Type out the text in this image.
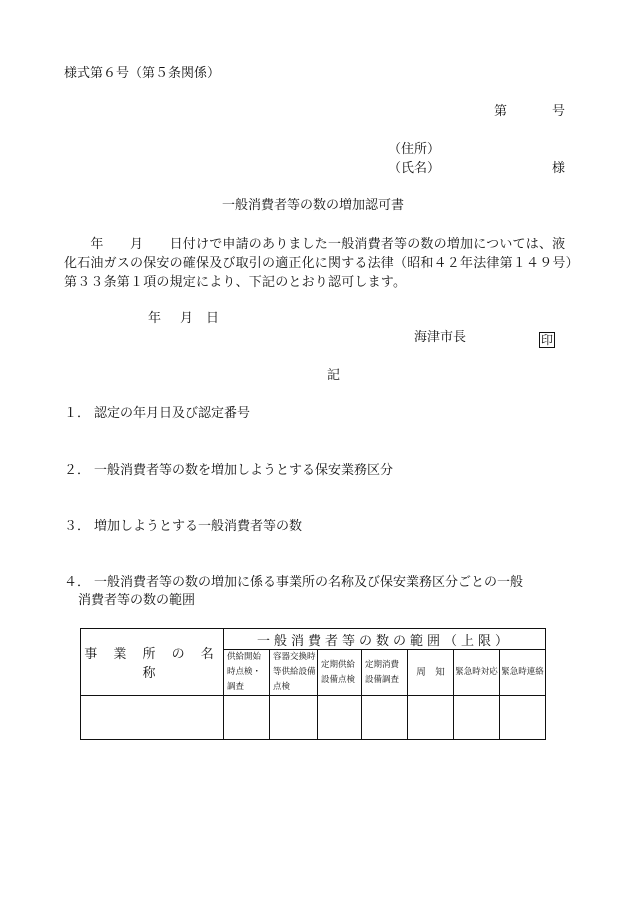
様式第６号（第５条関係）
第	号
（住所）
（氏名）	様
一般消費者等の数の増加認可書
　　年　　月　　日付けで申請のありました一般消費者等の数の増加については、液化石油ガスの保安の確保及び取引の適正化に関する法律（昭和４２年法律第１４９号）第３３条第１項の規定により、下記のとおり認可します。
年 月 日
海津市長	印
記
１． 認定の年月日及び認定番号
２． 一般消費者等の数を増加しようとする保安業務区分
３． 増加しようとする一般消費者等の数
４． 一般消費者等の数の増加に係る事業所の名称及び保安業務区分ごとの一般
消費者等の数の範囲
事 業 所 の 名 称	一般消費者等の数の範囲（上限）						
	供給開始時点検・調査	容器交換時等供給設備点検	定期供給設備点検	定期消費設備調査	周　知	緊急時対応	緊急時連絡
